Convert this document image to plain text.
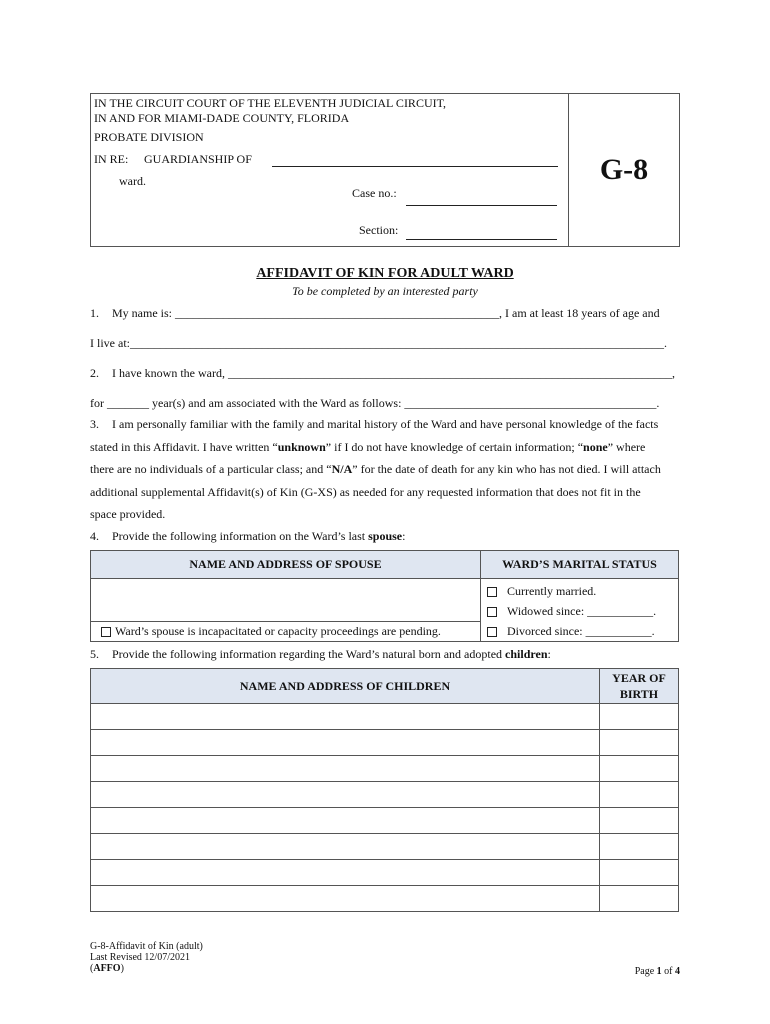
IN THE CIRCUIT COURT OF THE ELEVENTH JUDICIAL CIRCUIT,
IN AND FOR MIAMI-DADE COUNTY, FLORIDA
PROBATE DIVISION
IN RE: GUARDIANSHIP OF
ward.
Case no.:
Section:
G-8
AFFIDAVIT OF KIN FOR ADULT WARD
To be completed by an interested party
1. My name is: ______________________________________________________, I am at least 18 years of age and
I live at:_________________________________________________________________________________________.
2. I have known the ward, __________________________________________________________________________,
for _______ year(s) and am associated with the Ward as follows: __________________________________________.
3. I am personally familiar with the family and marital history of the Ward and have personal knowledge of the facts
stated in this Affidavit. I have written “unknown” if I do not have knowledge of certain information; “none” where
there are no individuals of a particular class; and “N/A” for the date of death for any kin who has not died. I will attach
additional supplemental Affidavit(s) of Kin (G-XS) as needed for any requested information that does not fit in the
space provided.
4. Provide the following information on the Ward’s last spouse:
NAME AND ADDRESS OF SPOUSE	WARD’S MARITAL STATUS

	Currently married.
Widowed since: ___________.
Divorced since: ___________.

Ward’s spouse is incapacitated or capacity proceedings are pending.	
5. Provide the following information regarding the Ward’s natural born and adopted children:
NAME AND ADDRESS OF CHILDREN	YEAR OF
BIRTH

G-8-Affidavit of Kin (adult)
Last Revised 12/07/2021
(AFFO)	Page 1 of 4
